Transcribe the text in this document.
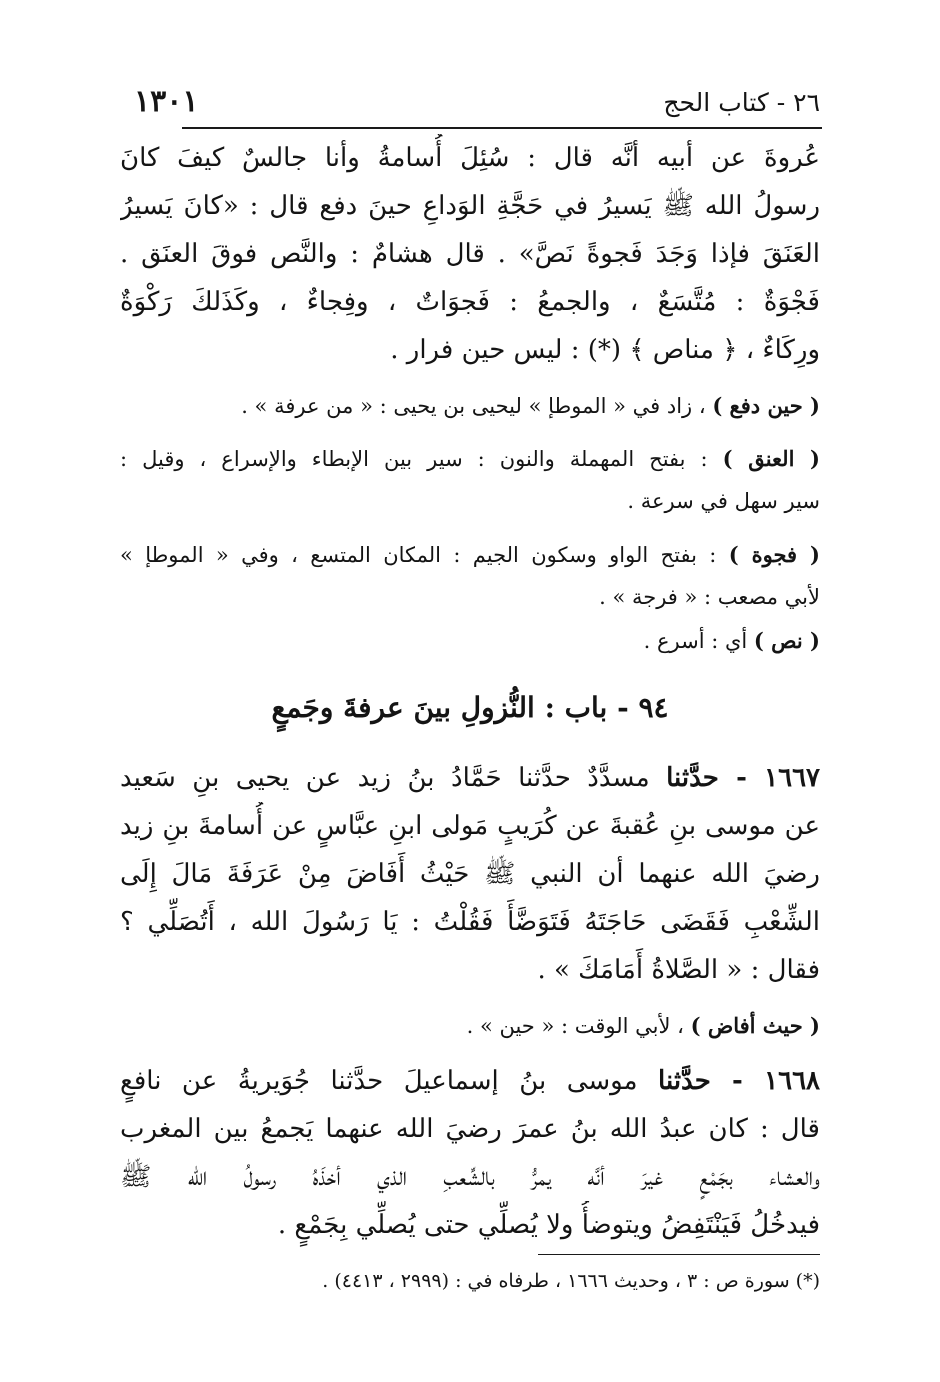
١٣٠١	٢٦ - كتاب الحج
عُروةَ عن أبيه أنَّه قال : سُئِلَ أُسامةُ وأنا جالسٌ كيفَ كانَ
رسولُ الله ﷺ يَسيرُ في حَجَّةِ الوَداعِ حينَ دفع قال : «كانَ يَسيرُ
العَنَقَ فإذا وَجَدَ فَجوةً نَصَّ» . قال هشامٌ : والنَّص فوقَ العنَق .
فَجْوَةٌ : مُتَّسَعٌ ، والجمعُ : فَجوَاتٌ ، وفِجاءٌ ، وكَذَلكَ رَكْوَةٌ
ورِكَاءٌ ، ﴿ مناص ﴾ (*) : ليس حين فرار .
( حين دفع ) ، زاد في « الموطإ » ليحيى بن يحيى : « من عرفة » .
( العنق ) : بفتح المهملة والنون : سير بين الإبطاء والإسراع ، وقيل :
سير سهل في سرعة .
( فجوة ) : بفتح الواو وسكون الجيم : المكان المتسع ، وفي « الموطإ »
لأبي مصعب : « فرجة » .
( نص ) أي : أسرع .
٩٤ - باب : النُّزولِ بينَ عرفةَ وجَمعٍ
١٦٦٧ - حدَّثنا مسدَّدٌ حدَّثنا حَمَّادُ بنُ زيد عن يحيى بنِ سَعيد
عن موسى بنِ عُقبةَ عن كُرَيبٍ مَولى ابنِ عبَّاسٍ عن أُسامةَ بنِ زيد
رضيَ الله عنهما أن النبي ﷺ حَيْثُ أَفَاضَ مِنْ عَرَفَةَ مَالَ إِلَى
الشِّعْبِ فَقَضَى حَاجَتَهُ فَتَوَضَّأَ فَقُلْتُ : يَا رَسُولَ الله ، أَتُصَلِّي ؟
فقال : « الصَّلاةُ أَمَامَكَ » .
( حيث أفاض ) ، لأبي الوقت : « حين » .
١٦٦٨ - حدَّثنا موسى بنُ إسماعيلَ حدَّثنا جُوَيريةُ عن نافعٍ
قال : كان عبدُ الله بنُ عمرَ رضيَ الله عنهما يَجمعُ بين المغرب
والعشاء بجَمْعٍ غيرَ أنَّه يمرُّ بالشِّعبِ الذي أخذَهُ رسولُ الله ﷺ
فيدخُلُ فَيَنْتَفِضُ ويتوضأُ ولا يُصلِّي حتى يُصلِّي بِجَمْعٍ .
(*) سورة ص : ٣ ، وحديث ١٦٦٦ ، طرفاه في : (٢٩٩٩ ، ٤٤١٣) .
